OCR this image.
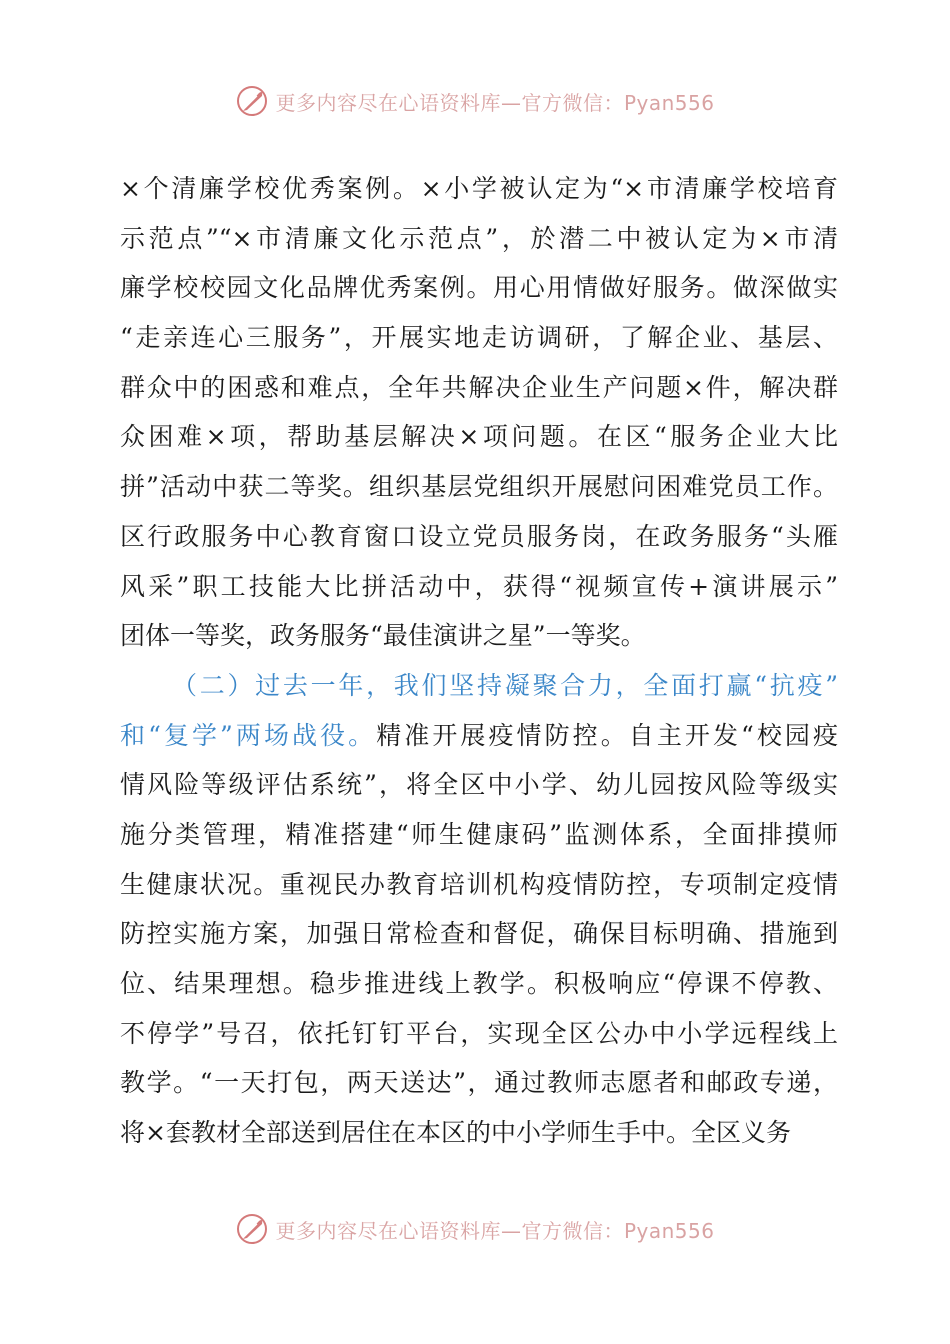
更多内容尽在心语资料库—官方微信：Pyan556
×个清廉学校优秀案例。×小学被认定为“×市清廉学校培育
示范点”“×市清廉文化示范点”，於潜二中被认定为×市清
廉学校校园文化品牌优秀案例。用心用情做好服务。做深做实
“走亲连心三服务”，开展实地走访调研，了解企业、基层、
群众中的困惑和难点，全年共解决企业生产问题×件，解决群
众困难×项，帮助基层解决×项问题。在区“服务企业大比
拼”活动中获二等奖。组织基层党组织开展慰问困难党员工作。
区行政服务中心教育窗口设立党员服务岗，在政务服务“头雁
风采”职工技能大比拼活动中，获得“视频宣传+演讲展示”
团体一等奖，政务服务“最佳演讲之星”一等奖。
（二）过去一年，我们坚持凝聚合力，全面打赢“抗疫”
和“复学”两场战役。精准开展疫情防控。自主开发“校园疫
情风险等级评估系统”，将全区中小学、幼儿园按风险等级实
施分类管理，精准搭建“师生健康码”监测体系，全面排摸师
生健康状况。重视民办教育培训机构疫情防控，专项制定疫情
防控实施方案，加强日常检查和督促，确保目标明确、措施到
位、结果理想。稳步推进线上教学。积极响应“停课不停教、
不停学”号召，依托钉钉平台，实现全区公办中小学远程线上
教学。“一天打包，两天送达”，通过教师志愿者和邮政专递，
将×套教材全部送到居住在本区的中小学师生手中。全区义务
更多内容尽在心语资料库—官方微信：Pyan556
